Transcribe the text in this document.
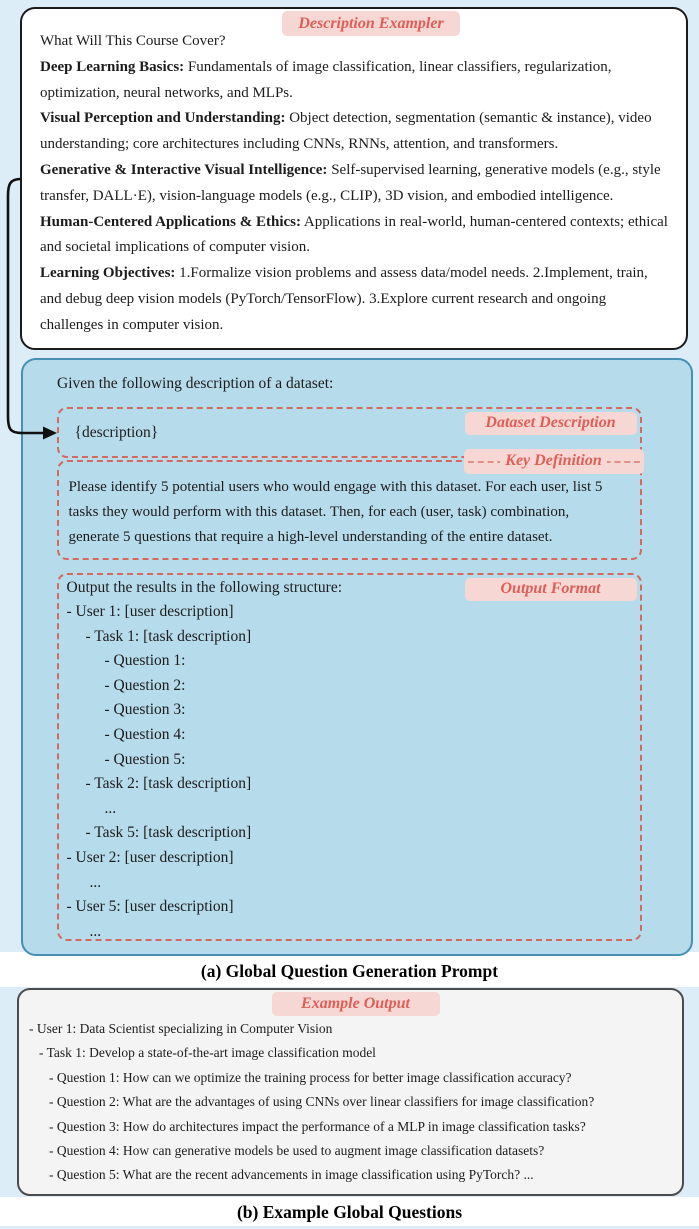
Description Exampler

What Will This Course Cover?

Deep Learning Basics: Fundamentals of image classification, linear classifiers, regularization, optimization, neural networks, and MLPs.

Visual Perception and Understanding: Object detection, segmentation (semantic & instance), video understanding; core architectures including CNNs, RNNs, attention, and transformers.

Generative & Interactive Visual Intelligence: Self-supervised learning, generative models (e.g., style transfer, DALL·E), vision-language models (e.g., CLIP), 3D vision, and embodied intelligence.

Human-Centered Applications & Ethics: Applications in real-world, human-centered contexts; ethical and societal implications of computer vision.

Learning Objectives: 1.Formalize vision problems and assess data/model needs. 2.Implement, train, and debug deep vision models (PyTorch/TensorFlow). 3.Explore current research and ongoing challenges in computer vision.

Given the following description of a dataset:
Dataset Description
{description}
Key Definition
Please identify 5 potential users who would engage with this dataset. For each user, list 5
tasks they would perform with this dataset. Then, for each (user, task) combination,
generate 5 questions that require a high-level understanding of the entire dataset.
Output Format
Output the results in the following structure:
- User 1: [user description]
- Task 1: [task description]
- Question 1:
- Question 2:
- Question 3:
- Question 4:
- Question 5:
- Task 2: [task description]
...
- Task 5: [task description]
- User 2: [user description]
...
- User 5: [user description]
...
(a) Global Question Generation Prompt
Example Output
- User 1: Data Scientist specializing in Computer Vision
- Task 1: Develop a state-of-the-art image classification model
- Question 1: How can we optimize the training process for better image classification accuracy?
- Question 2: What are the advantages of using CNNs over linear classifiers for image classification?
- Question 3: How do architectures impact the performance of a MLP in image classification tasks?
- Question 4: How can generative models be used to augment image classification datasets?
- Question 5: What are the recent advancements in image classification using PyTorch? ...
(b) Example Global Questions
